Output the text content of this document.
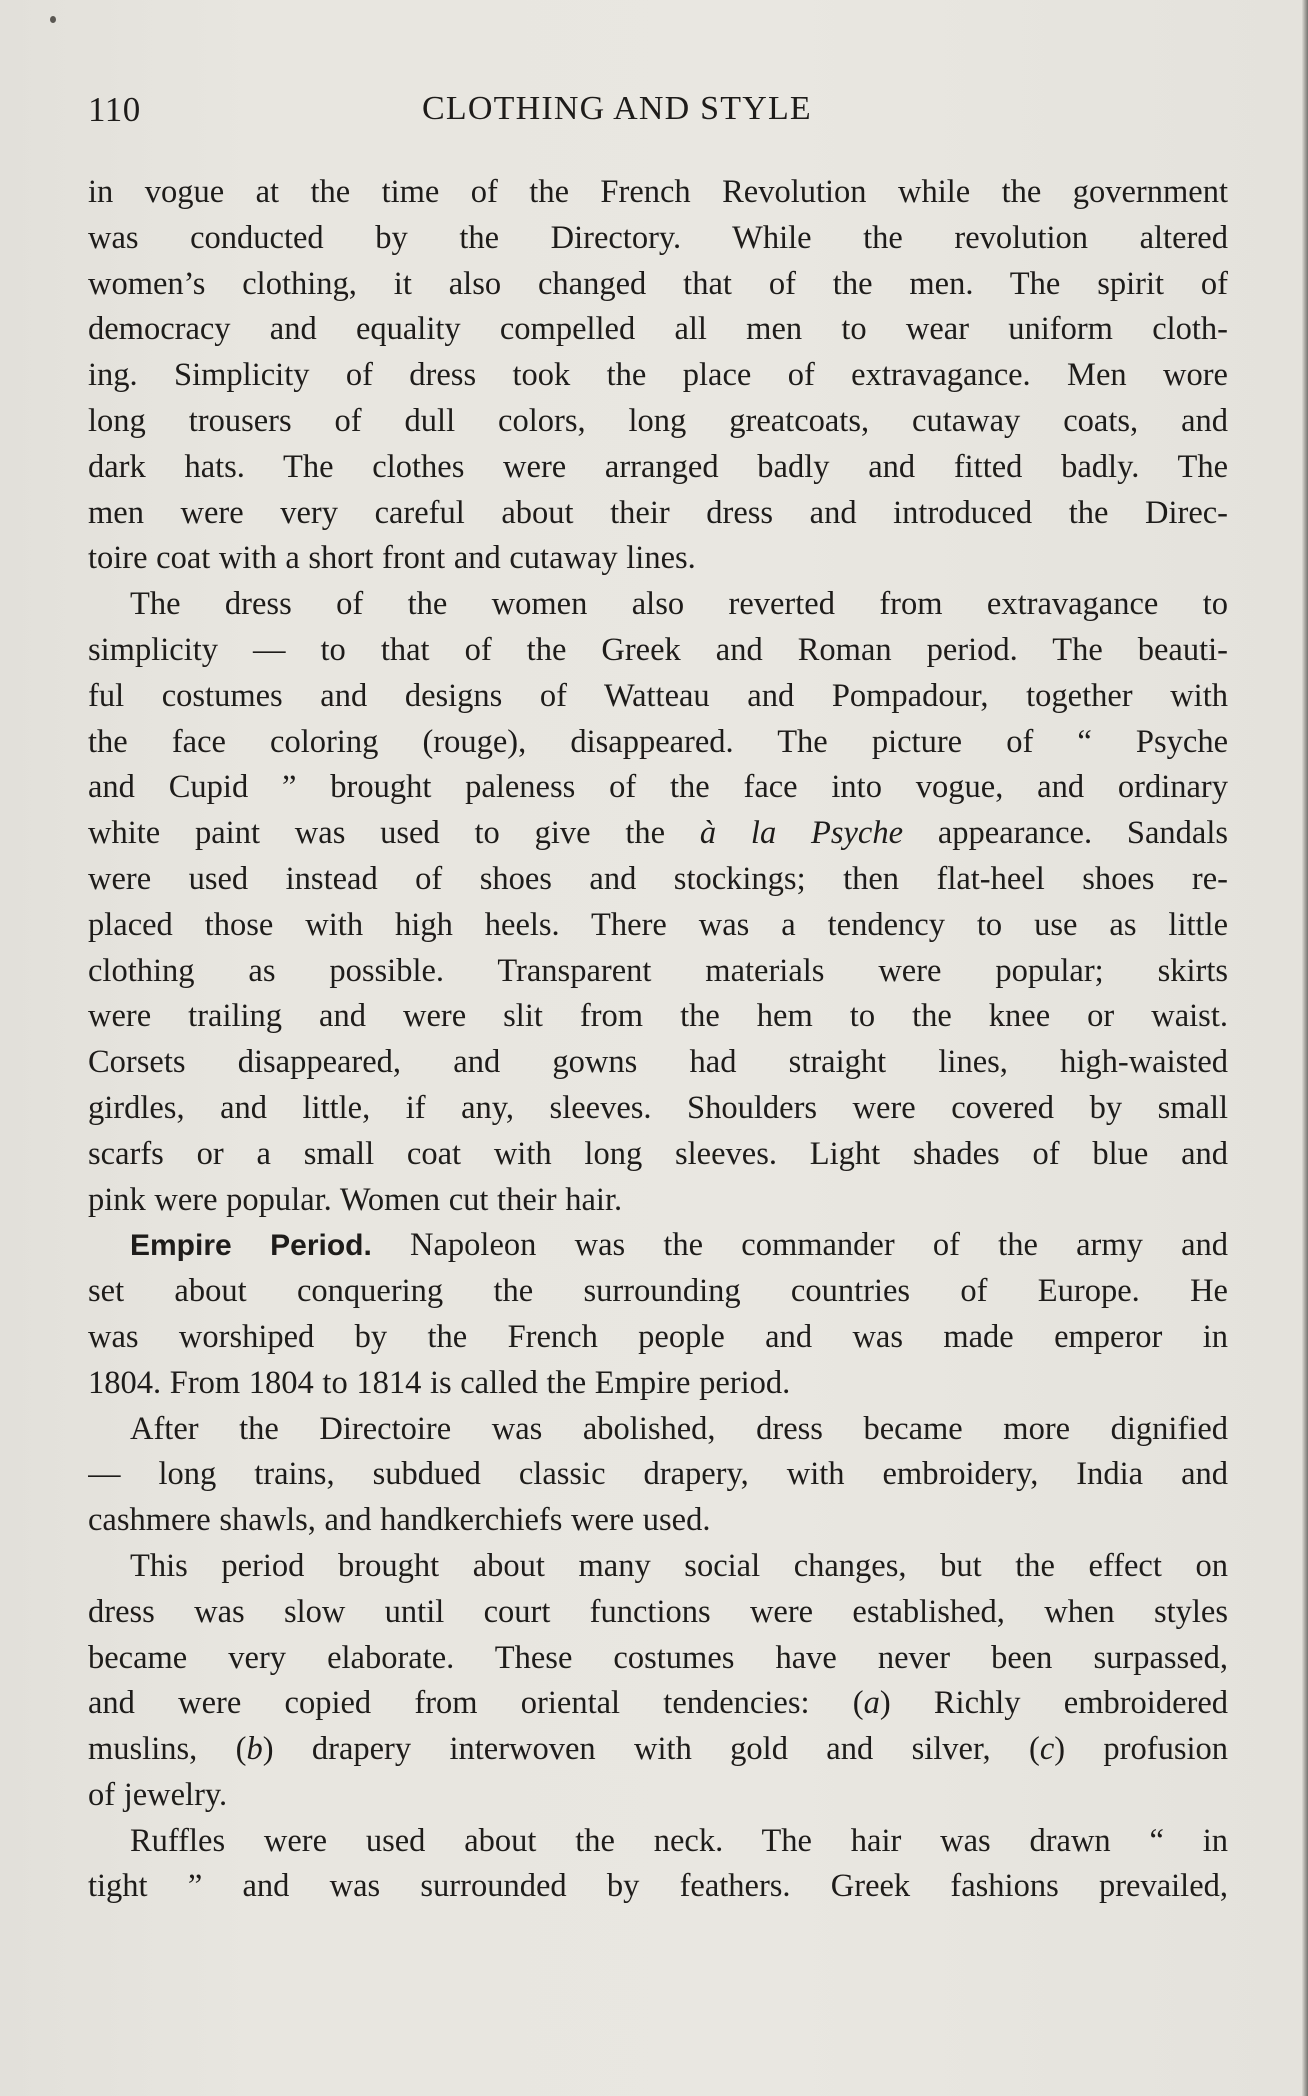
110	CLOTHING AND STYLE
in vogue at the time of the French Revolution while the government
was conducted by the Directory. While the revolution altered
women’s clothing, it also changed that of the men. The spirit of
democracy and equality compelled all men to wear uniform cloth-
ing. Simplicity of dress took the place of extravagance. Men wore
long trousers of dull colors, long greatcoats, cutaway coats, and
dark hats. The clothes were arranged badly and fitted badly. The
men were very careful about their dress and introduced the Direc-
toire coat with a short front and cutaway lines.
The dress of the women also reverted from extravagance to
simplicity — to that of the Greek and Roman period. The beauti-
ful costumes and designs of Watteau and Pompadour, together with
the face coloring (rouge), disappeared. The picture of “ Psyche
and Cupid ” brought paleness of the face into vogue, and ordinary
white paint was used to give the à la Psyche appearance. Sandals
were used instead of shoes and stockings; then flat-heel shoes re-
placed those with high heels. There was a tendency to use as little
clothing as possible. Transparent materials were popular; skirts
were trailing and were slit from the hem to the knee or waist.
Corsets disappeared, and gowns had straight lines, high-waisted
girdles, and little, if any, sleeves. Shoulders were covered by small
scarfs or a small coat with long sleeves. Light shades of blue and
pink were popular. Women cut their hair.
Empire Period. Napoleon was the commander of the army and
set about conquering the surrounding countries of Europe. He
was worshiped by the French people and was made emperor in
1804. From 1804 to 1814 is called the Empire period.
After the Directoire was abolished, dress became more dignified
— long trains, subdued classic drapery, with embroidery, India and
cashmere shawls, and handkerchiefs were used.
This period brought about many social changes, but the effect on
dress was slow until court functions were established, when styles
became very elaborate. These costumes have never been surpassed,
and were copied from oriental tendencies: (a) Richly embroidered
muslins, (b) drapery interwoven with gold and silver, (c) profusion
of jewelry.
Ruffles were used about the neck. The hair was drawn “ in
tight ” and was surrounded by feathers. Greek fashions prevailed,
